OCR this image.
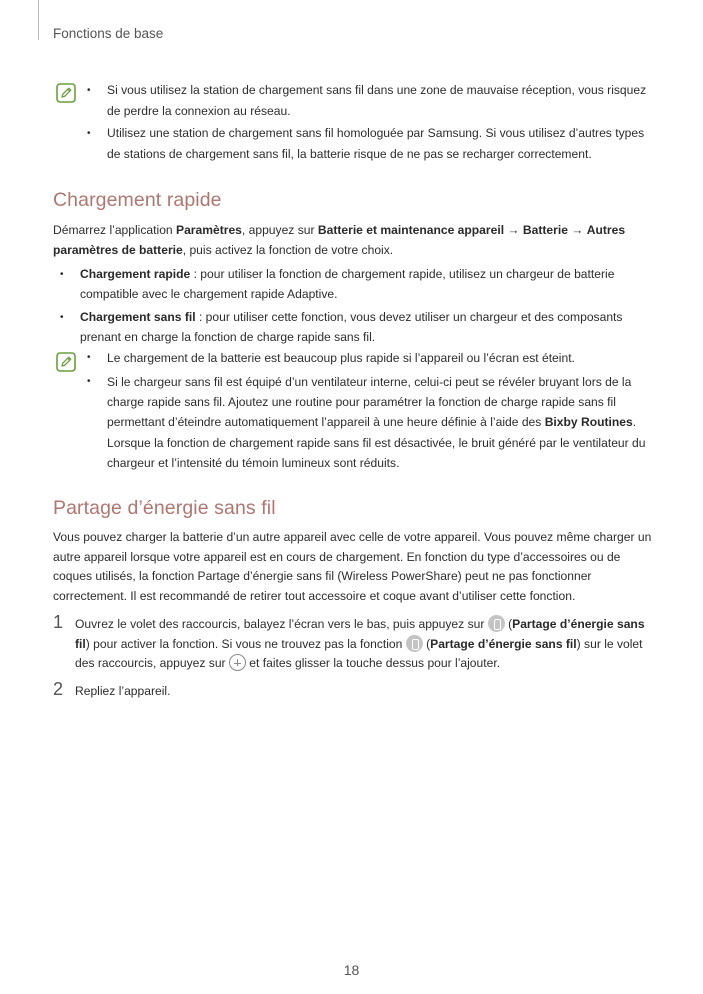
Fonctions de base
•	Si vous utilisez la station de chargement sans fil dans une zone de mauvaise réception, vous risquez de perdre la connexion au réseau.
•	Utilisez une station de chargement sans fil homologuée par Samsung. Si vous utilisez d’autres types de stations de chargement sans fil, la batterie risque de ne pas se recharger correctement.
Chargement rapide
Démarrez l’application Paramètres, appuyez sur Batterie et maintenance appareil → Batterie → Autres paramètres de batterie, puis activez la fonction de votre choix.
•	Chargement rapide : pour utiliser la fonction de chargement rapide, utilisez un chargeur de batterie compatible avec le chargement rapide Adaptive.
•	Chargement sans fil : pour utiliser cette fonction, vous devez utiliser un chargeur et des composants prenant en charge la fonction de charge rapide sans fil.
•	Le chargement de la batterie est beaucoup plus rapide si l’appareil ou l’écran est éteint.
•	Si le chargeur sans fil est équipé d’un ventilateur interne, celui-ci peut se révéler bruyant lors de la charge rapide sans fil. Ajoutez une routine pour paramétrer la fonction de charge rapide sans fil permettant d’éteindre automatiquement l’appareil à une heure définie à l’aide des Bixby Routines. Lorsque la fonction de chargement rapide sans fil est désactivée, le bruit généré par le ventilateur du chargeur et l’intensité du témoin lumineux sont réduits.
Partage d’énergie sans fil
Vous pouvez charger la batterie d’un autre appareil avec celle de votre appareil. Vous pouvez même charger un autre appareil lorsque votre appareil est en cours de chargement. En fonction du type d’accessoires ou de coques utilisés, la fonction Partage d’énergie sans fil (Wireless PowerShare) peut ne pas fonctionner correctement. Il est recommandé de retirer tout accessoire et coque avant d’utiliser cette fonction.
1 Ouvrez le volet des raccourcis, balayez l’écran vers le bas, puis appuyez sur  (Partage d’énergie sans fil) pour activer la fonction. Si vous ne trouvez pas la fonction  (Partage d’énergie sans fil) sur le volet des raccourcis, appuyez sur  et faites glisser la touche dessus pour l’ajouter.
2 Repliez l’appareil.
18
